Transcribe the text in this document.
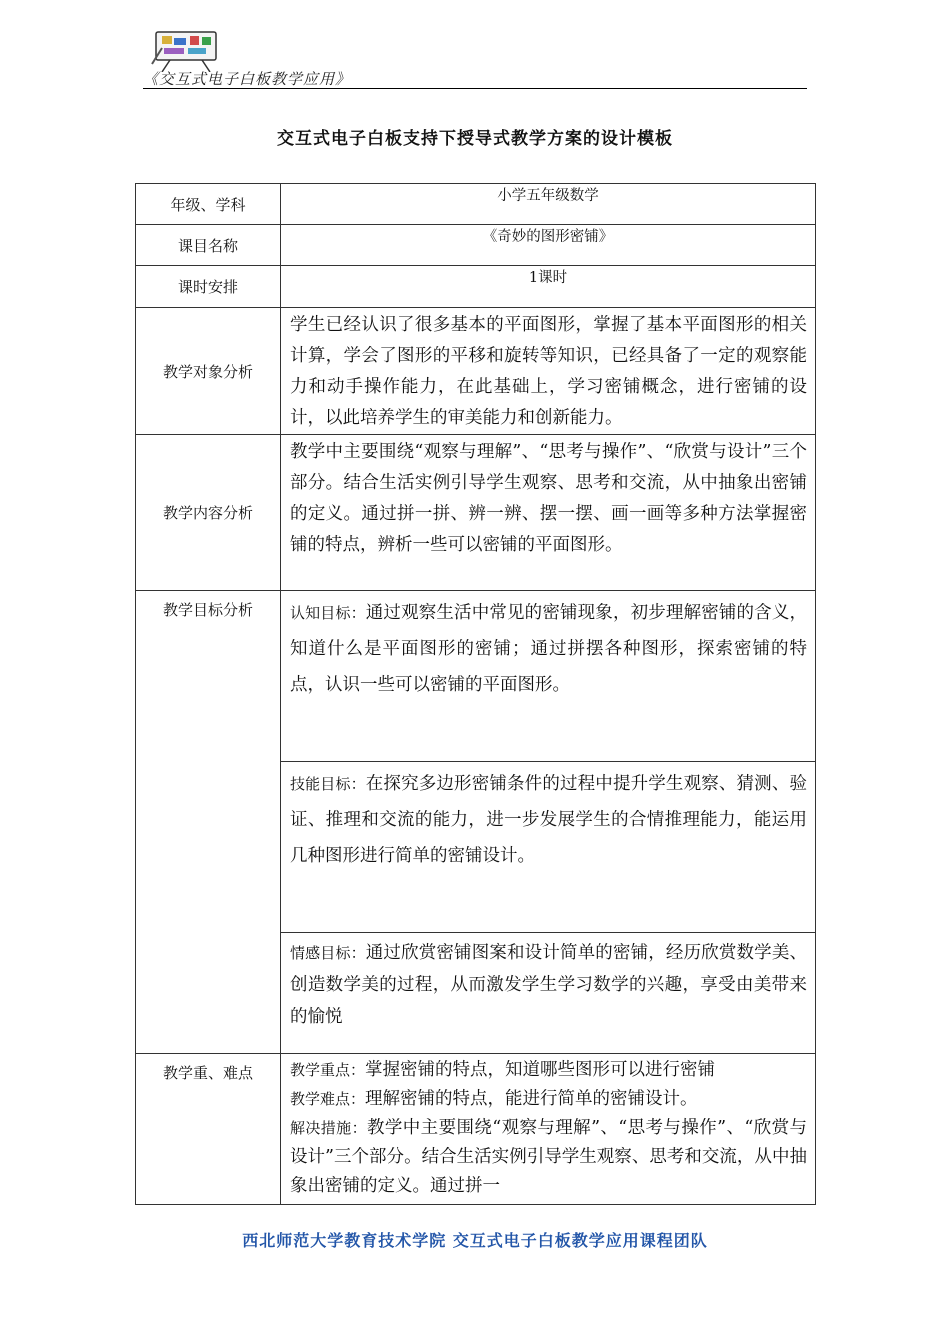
《交互式电子白板教学应用》
交互式电子白板支持下授导式教学方案的设计模板
年级、学科	小学五年级数学
课目名称	《奇妙的图形密铺》
课时安排	1课时
教学对象分析	学生已经认识了很多基本的平面图形，掌握了基本平面图形的相关计算，学会了图形的平移和旋转等知识，已经具备了一定的观察能力和动手操作能力，在此基础上，学习密铺概念，进行密铺的设计，以此培养学生的审美能力和创新能力。

教学内容分析	教学中主要围绕“观察与理解”、“思考与操作”、“欣赏与设计”三个部分。结合生活实例引导学生观察、思考和交流，从中抽象出密铺的定义。通过拼一拼、辨一辨、摆一摆、画一画等多种方法掌握密铺的特点，辨析一些可以密铺的平面图形。

教学目标分析	认知目标：通过观察生活中常见的密铺现象，初步理解密铺的含义，知道什么是平面图形的密铺；通过拼摆各种图形，探索密铺的特点，认识一些可以密铺的平面图形。

	技能目标：在探究多边形密铺条件的过程中提升学生观察、猜测、验证、推理和交流的能力，进一步发展学生的合情推理能力，能运用几种图形进行简单的密铺设计。

	情感目标：通过欣赏密铺图案和设计简单的密铺，经历欣赏数学美、创造数学美的过程，从而激发学生学习数学的兴趣，享受由美带来的愉悦

教学重、难点	教学重点：掌握密铺的特点，知道哪些图形可以进行密铺
教学难点：理解密铺的特点，能进行简单的密铺设计。
解决措施：教学中主要围绕“观察与理解”、“思考与操作”、“欣赏与设计”三个部分。结合生活实例引导学生观察、思考和交流，从中抽象出密铺的定义。通过拼一
西北师范大学教育技术学院 交互式电子白板教学应用课程团队
